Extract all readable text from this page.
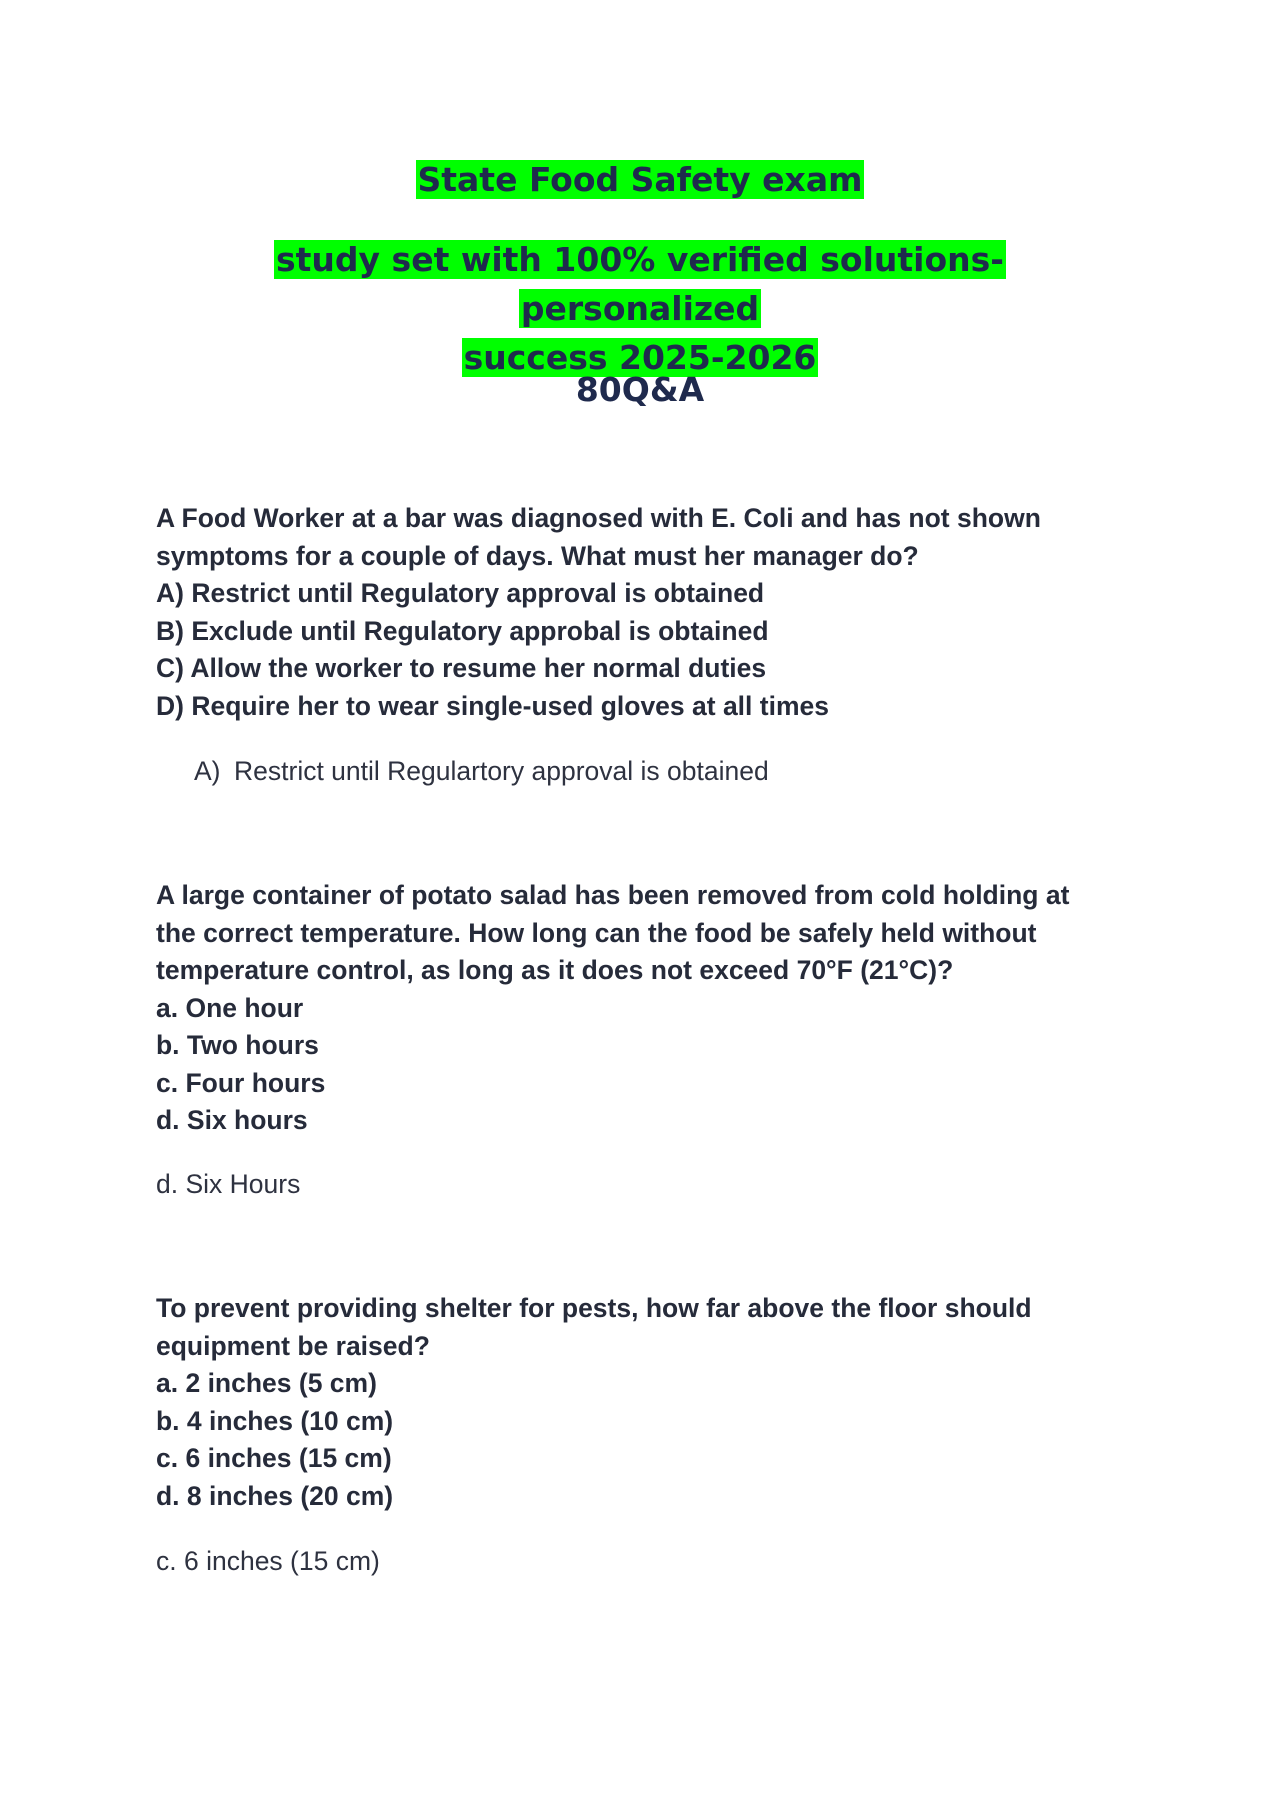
State Food Safety exam
study set with 100% verified solutions-personalized
success 2025-2026
80Q&A
A Food Worker at a bar was diagnosed with E. Coli and has not shown
symptoms for a couple of days. What must her manager do?
A) Restrict until Regulatory approval is obtained
B) Exclude until Regulatory approbal is obtained
C) Allow the worker to resume her normal duties
D) Require her to wear single-used gloves at all times
A) Restrict until Regulartory approval is obtained
A large container of potato salad has been removed from cold holding at
the correct temperature. How long can the food be safely held without
temperature control, as long as it does not exceed 70°F (21°C)?
a. One hour
b. Two hours
c. Four hours
d. Six hours
d. Six Hours
To prevent providing shelter for pests, how far above the floor should
equipment be raised?
a. 2 inches (5 cm)
b. 4 inches (10 cm)
c. 6 inches (15 cm)
d. 8 inches (20 cm)
c. 6 inches (15 cm)
